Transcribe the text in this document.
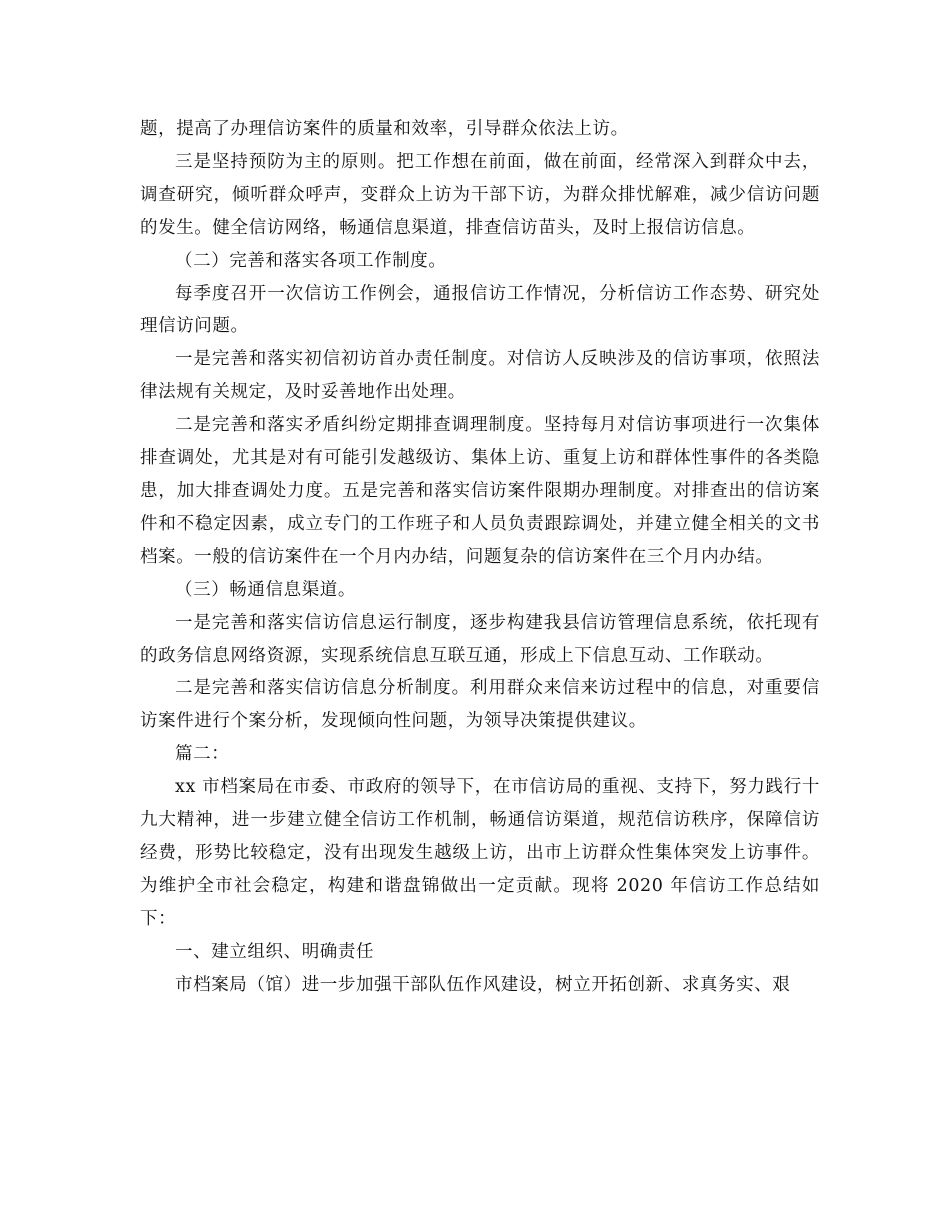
题，提高了办理信访案件的质量和效率，引导群众依法上访。

三是坚持预防为主的原则。把工作想在前面，做在前面，经常深入到群众中去，调查研究，倾听群众呼声，变群众上访为干部下访，为群众排忧解难，减少信访问题的发生。健全信访网络，畅通信息渠道，排查信访苗头，及时上报信访信息。

（二）完善和落实各项工作制度。

每季度召开一次信访工作例会，通报信访工作情况，分析信访工作态势、研究处理信访问题。

一是完善和落实初信初访首办责任制度。对信访人反映涉及的信访事项，依照法律法规有关规定，及时妥善地作出处理。

二是完善和落实矛盾纠纷定期排查调理制度。坚持每月对信访事项进行一次集体排查调处，尤其是对有可能引发越级访、集体上访、重复上访和群体性事件的各类隐患，加大排查调处力度。五是完善和落实信访案件限期办理制度。对排查出的信访案件和不稳定因素，成立专门的工作班子和人员负责跟踪调处，并建立健全相关的文书档案。一般的信访案件在一个月内办结，问题复杂的信访案件在三个月内办结。

（三）畅通信息渠道。

一是完善和落实信访信息运行制度，逐步构建我县信访管理信息系统，依托现有的政务信息网络资源，实现系统信息互联互通，形成上下信息互动、工作联动。

二是完善和落实信访信息分析制度。利用群众来信来访过程中的信息，对重要信访案件进行个案分析，发现倾向性问题，为领导决策提供建议。

篇二：

xx 市档案局在市委、市政府的领导下，在市信访局的重视、支持下，努力践行十九大精神，进一步建立健全信访工作机制，畅通信访渠道，规范信访秩序，保障信访经费，形势比较稳定，没有出现发生越级上访，出市上访群众性集体突发上访事件。为维护全市社会稳定，构建和谐盘锦做出一定贡献。现将 2020 年信访工作总结如下：

一、建立组织、明确责任

市档案局（馆）进一步加强干部队伍作风建设，树立开拓创新、求真务实、艰
